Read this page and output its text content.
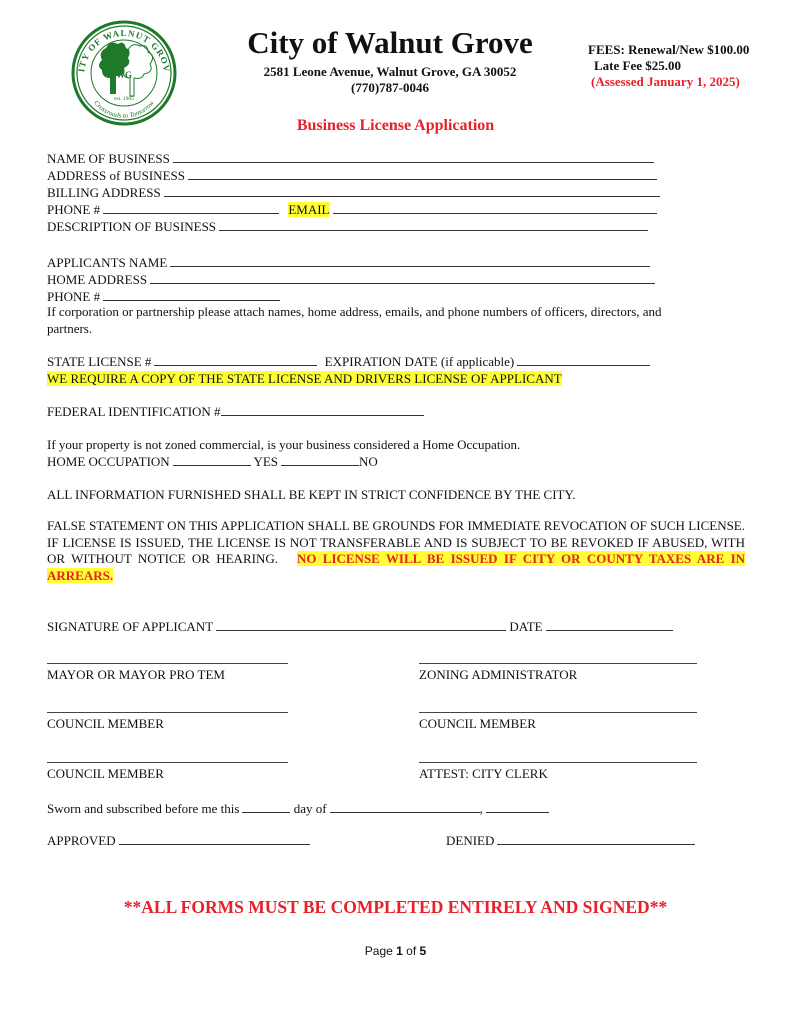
ITY OF WALNUT GROV
Crossroads to Tomorrow
WG
est. 1905
City of Walnut Grove
2581 Leone Avenue, Walnut Grove, GA 30052
(770)787-0046
FEES: Renewal/New $100.00
Late Fee $25.00
(Assessed January 1, 2025)
Business License Application
NAME OF BUSINESS
ADDRESS of BUSINESS
BILLING ADDRESS
PHONE #	EMAIL
DESCRIPTION OF BUSINESS
APPLICANTS NAME
HOME ADDRESS
PHONE #
If corporation or partnership please attach names, home address, emails, and phone numbers of officers, directors, and partners.
STATE LICENSE #	EXPIRATION DATE (if applicable)
WE REQUIRE A COPY OF THE STATE LICENSE AND DRIVERS LICENSE OF APPLICANT
FEDERAL IDENTIFICATION #
If your property is not zoned commercial, is your business considered a Home Occupation.
HOME OCCUPATION	YES	NO
ALL INFORMATION FURNISHED SHALL BE KEPT IN STRICT CONFIDENCE BY THE CITY.
FALSE STATEMENT ON THIS APPLICATION SHALL BE GROUNDS FOR IMMEDIATE REVOCATION OF SUCH LICENSE. IF LICENSE IS ISSUED, THE LICENSE IS NOT TRANSFERABLE AND IS SUBJECT TO BE REVOKED IF ABUSED, WITH OR WITHOUT NOTICE OR HEARING. NO LICENSE WILL BE ISSUED IF CITY OR COUNTY TAXES ARE IN ARREARS.
SIGNATURE OF APPLICANT	DATE
MAYOR OR MAYOR PRO TEM	ZONING ADMINISTRATOR
COUNCIL MEMBER	COUNCIL MEMBER
COUNCIL MEMBER	ATTEST: CITY CLERK
Sworn and subscribed before me this	day of	,
APPROVED	DENIED
**ALL FORMS MUST BE COMPLETED ENTIRELY AND SIGNED**
Page 1 of 5
